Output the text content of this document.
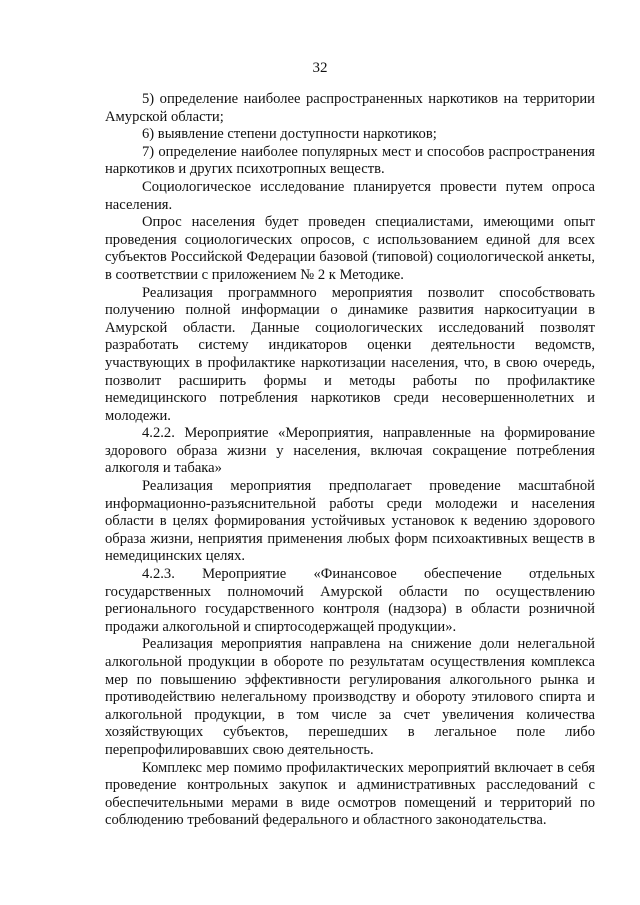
32

5) определение наиболее распространенных наркотиков на территории Амурской области;

6) выявление степени доступности наркотиков;

7) определение наиболее популярных мест и способов распространения наркотиков и других психотропных веществ.

Социологическое исследование планируется провести путем опроса населения.

Опрос населения будет проведен специалистами, имеющими опыт проведения социологических опросов, с использованием единой для всех субъектов Российской Федерации базовой (типовой) социологической анкеты, в соответствии с приложением № 2 к Методике.

Реализация программного мероприятия позволит способствовать получению полной информации о динамике развития наркоситуации в Амурской области. Данные социологических исследований позволят разработать систему индикаторов оценки деятельности ведомств, участвующих в профилактике наркотизации населения, что, в свою очередь, позволит расширить формы и методы работы по профилактике немедицинского потребления наркотиков среди несовершеннолетних и молодежи.

4.2.2. Мероприятие «Мероприятия, направленные на формирование здорового образа жизни у населения, включая сокращение потребления алкоголя и табака»

Реализация мероприятия предполагает проведение масштабной информационно-разъяснительной работы среди молодежи и населения области в целях формирования устойчивых установок к ведению здорового образа жизни, неприятия применения любых форм психоактивных веществ в немедицинских целях.

4.2.3. Мероприятие «Финансовое обеспечение отдельных государственных полномочий Амурской области по осуществлению регионального государственного контроля (надзора) в области розничной продажи алкогольной и спиртосодержащей продукции».

Реализация мероприятия направлена на снижение доли нелегальной алкогольной продукции в обороте по результатам осуществления комплекса мер по повышению эффективности регулирования алкогольного рынка и противодействию нелегальному производству и обороту этилового спирта и алкогольной продукции, в том числе за счет увеличения количества хозяйствующих субъектов, перешедших в легальное поле либо перепрофилировавших свою деятельность.

Комплекс мер помимо профилактических мероприятий включает в себя проведение контрольных закупок и административных расследований с обеспечительными мерами в виде осмотров помещений и территорий по соблюдению требований федерального и областного законодательства.
